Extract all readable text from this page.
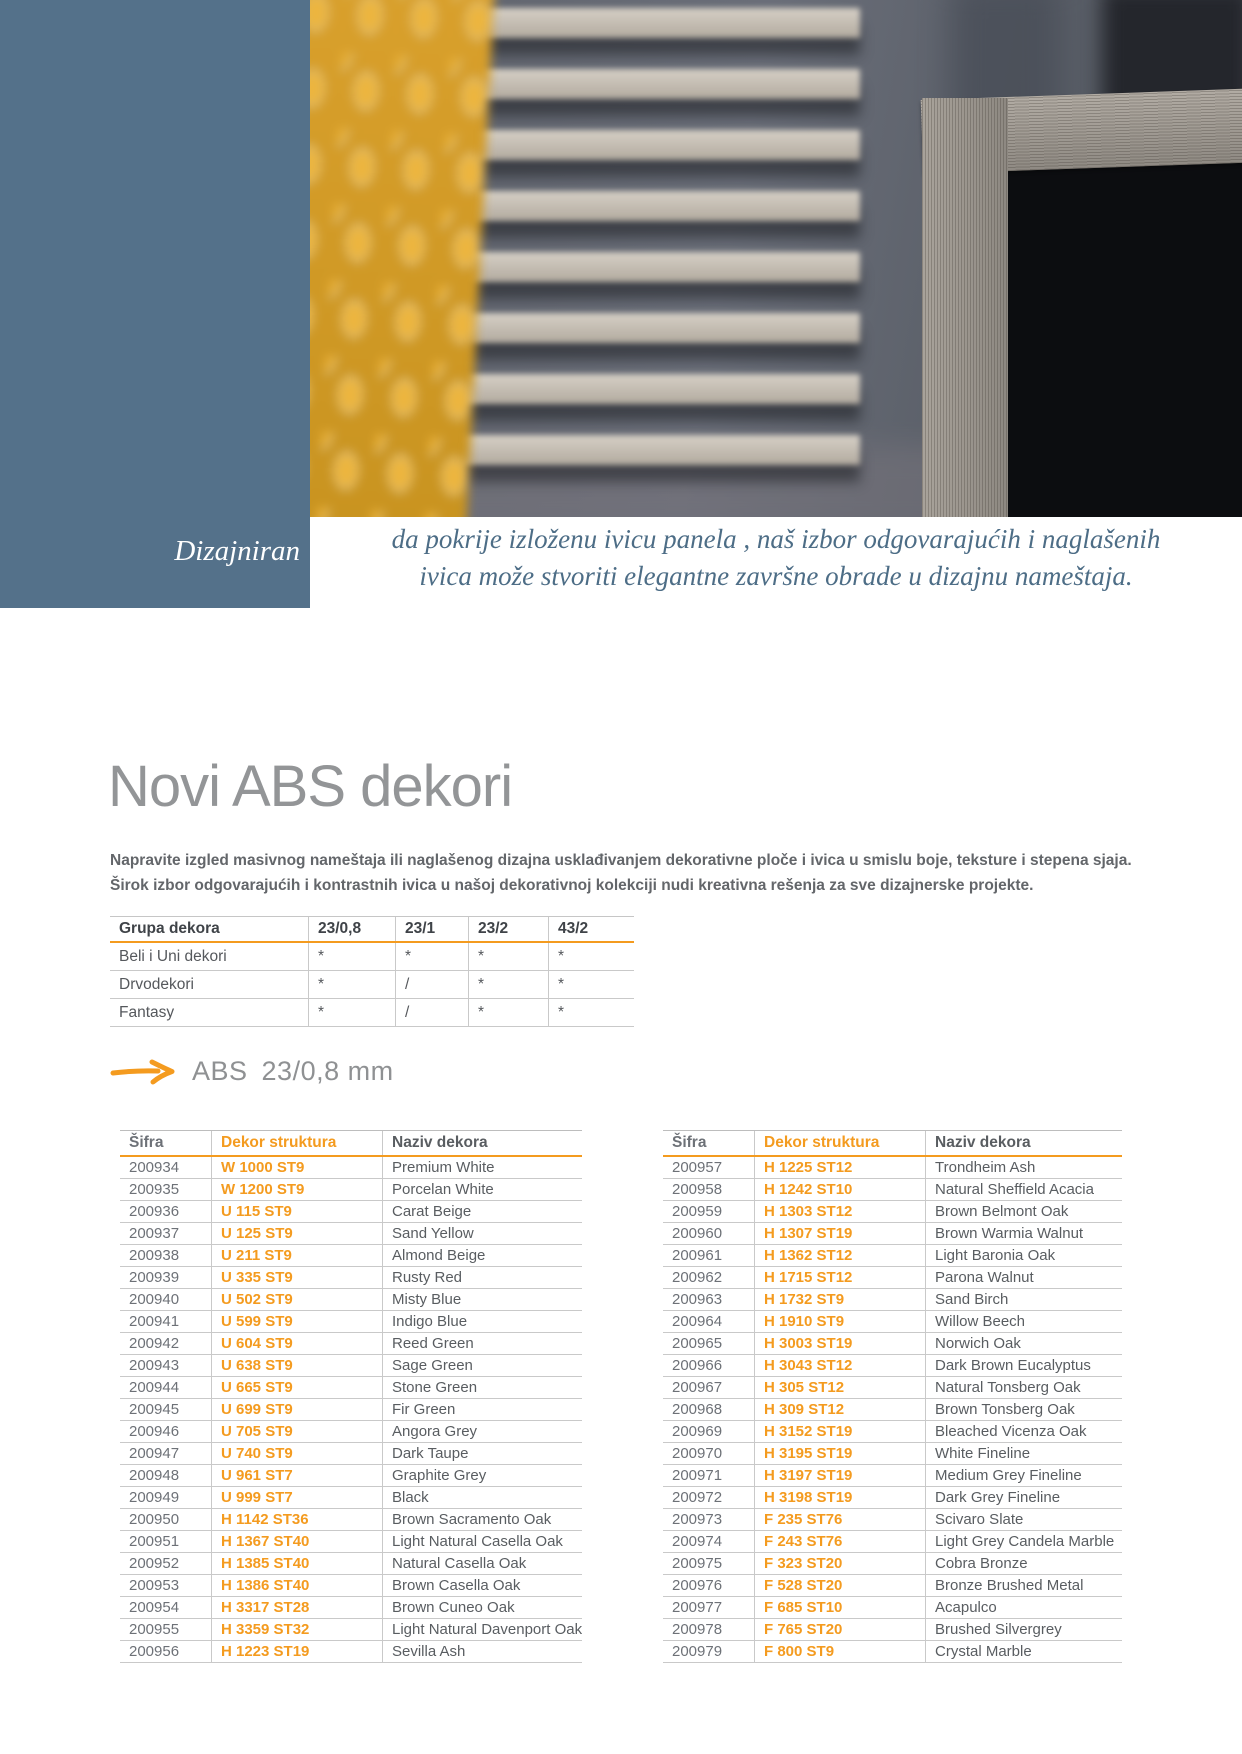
Dizajniran	da pokrije izloženu ivicu panela , naš izbor odgovarajućih i naglašenih
ivica može stvoriti elegantne završne obrade u dizajnu nameštaja.
Novi ABS dekori

Napravite izgled masivnog nameštaja ili naglašenog dizajna usklađivanjem dekorativne ploče i ivica u smislu boje, teksture i stepena sjaja.
Širok izbor odgovarajućih i kontrastnih ivica u našoj dekorativnoj kolekciji nudi kreativna rešenja za sve dizajnerske projekte.

Grupa dekora	23/0,8	23/1	23/2	43/2
Beli i Uni dekori	*	*	*	*
Drvodekori	*	/	*	*
Fantasy	*	/	*	*
ABS 23/0,8 mm
Šifra	Dekor struktura	Naziv dekora
200934	W 1000 ST9	Premium White
200935	W 1200 ST9	Porcelan White
200936	U 115 ST9	Carat Beige
200937	U 125 ST9	Sand Yellow
200938	U 211 ST9	Almond Beige
200939	U 335 ST9	Rusty Red
200940	U 502 ST9	Misty Blue
200941	U 599 ST9	Indigo Blue
200942	U 604 ST9	Reed Green
200943	U 638 ST9	Sage Green
200944	U 665 ST9	Stone Green
200945	U 699 ST9	Fir Green
200946	U 705 ST9	Angora Grey
200947	U 740 ST9	Dark Taupe
200948	U 961 ST7	Graphite Grey
200949	U 999 ST7	Black
200950	H 1142 ST36	Brown Sacramento Oak
200951	H 1367 ST40	Light Natural Casella Oak
200952	H 1385 ST40	Natural Casella Oak
200953	H 1386 ST40	Brown Casella Oak
200954	H 3317 ST28	Brown Cuneo Oak
200955	H 3359 ST32	Light Natural Davenport Oak
200956	H 1223 ST19	Sevilla Ash
Šifra	Dekor struktura	Naziv dekora
200957	H 1225 ST12	Trondheim Ash
200958	H 1242 ST10	Natural Sheffield Acacia
200959	H 1303 ST12	Brown Belmont Oak
200960	H 1307 ST19	Brown Warmia Walnut
200961	H 1362 ST12	Light Baronia Oak
200962	H 1715 ST12	Parona Walnut
200963	H 1732 ST9	Sand Birch
200964	H 1910 ST9	Willow Beech
200965	H 3003 ST19	Norwich Oak
200966	H 3043 ST12	Dark Brown Eucalyptus
200967	H 305 ST12	Natural Tonsberg Oak
200968	H 309 ST12	Brown Tonsberg Oak
200969	H 3152 ST19	Bleached Vicenza Oak
200970	H 3195 ST19	White Fineline
200971	H 3197 ST19	Medium Grey Fineline
200972	H 3198 ST19	Dark Grey Fineline
200973	F 235 ST76	Scivaro Slate
200974	F 243 ST76	Light Grey Candela Marble
200975	F 323 ST20	Cobra Bronze
200976	F 528 ST20	Bronze Brushed Metal
200977	F 685 ST10	Acapulco
200978	F 765 ST20	Brushed Silvergrey
200979	F 800 ST9	Crystal Marble
